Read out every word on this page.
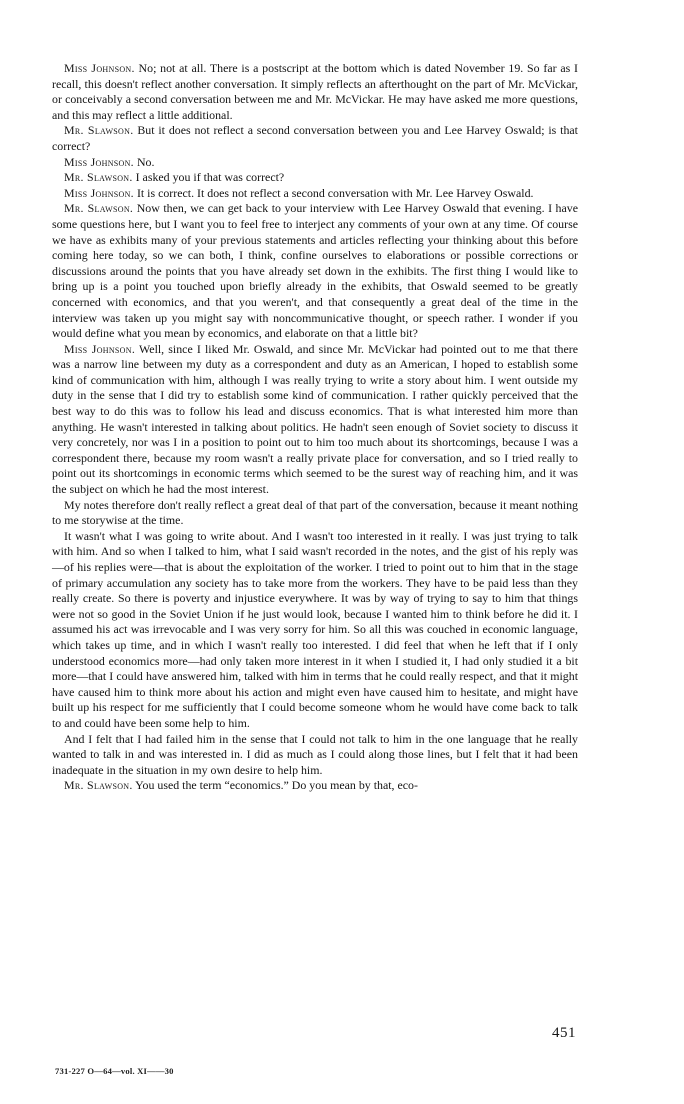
Miss Johnson. No; not at all. There is a postscript at the bottom which is dated November 19. So far as I recall, this doesn't reflect another conversation. It simply reflects an afterthought on the part of Mr. McVickar, or conceivably a second conversation between me and Mr. McVickar. He may have asked me more questions, and this may reflect a little additional.

Mr. Slawson. But it does not reflect a second conversation between you and Lee Harvey Oswald; is that correct?

Miss Johnson. No.

Mr. Slawson. I asked you if that was correct?

Miss Johnson. It is correct. It does not reflect a second conversation with Mr. Lee Harvey Oswald.

Mr. Slawson. Now then, we can get back to your interview with Lee Harvey Oswald that evening. I have some questions here, but I want you to feel free to interject any comments of your own at any time. Of course we have as exhibits many of your previous statements and articles reflecting your thinking about this before coming here today, so we can both, I think, confine ourselves to elaborations or possible corrections or discussions around the points that you have already set down in the exhibits. The first thing I would like to bring up is a point you touched upon briefly already in the exhibits, that Oswald seemed to be greatly concerned with economics, and that you weren't, and that consequently a great deal of the time in the interview was taken up you might say with noncommunicative thought, or speech rather. I wonder if you would define what you mean by economics, and elaborate on that a little bit?

Miss Johnson. Well, since I liked Mr. Oswald, and since Mr. McVickar had pointed out to me that there was a narrow line between my duty as a correspondent and duty as an American, I hoped to establish some kind of communication with him, although I was really trying to write a story about him. I went outside my duty in the sense that I did try to establish some kind of communication. I rather quickly perceived that the best way to do this was to follow his lead and discuss economics. That is what interested him more than anything. He wasn't interested in talking about politics. He hadn't seen enough of Soviet society to discuss it very concretely, nor was I in a position to point out to him too much about its shortcomings, because I was a correspondent there, because my room wasn't a really private place for conversation, and so I tried really to point out its shortcomings in economic terms which seemed to be the surest way of reaching him, and it was the subject on which he had the most interest.

My notes therefore don't really reflect a great deal of that part of the conversation, because it meant nothing to me storywise at the time.

It wasn't what I was going to write about. And I wasn't too interested in it really. I was just trying to talk with him. And so when I talked to him, what I said wasn't recorded in the notes, and the gist of his reply was—of his replies were—that is about the exploitation of the worker. I tried to point out to him that in the stage of primary accumulation any society has to take more from the workers. They have to be paid less than they really create. So there is poverty and injustice everywhere. It was by way of trying to say to him that things were not so good in the Soviet Union if he just would look, because I wanted him to think before he did it. I assumed his act was irrevocable and I was very sorry for him. So all this was couched in economic language, which takes up time, and in which I wasn't really too interested. I did feel that when he left that if I only understood economics more—had only taken more interest in it when I studied it, I had only studied it a bit more—that I could have answered him, talked with him in terms that he could really respect, and that it might have caused him to think more about his action and might even have caused him to hesitate, and might have built up his respect for me sufficiently that I could become someone whom he would have come back to talk to and could have been some help to him.

And I felt that I had failed him in the sense that I could not talk to him in the one language that he really wanted to talk in and was interested in. I did as much as I could along those lines, but I felt that it had been inadequate in the situation in my own desire to help him.

Mr. Slawson. You used the term “economics.” Do you mean by that, eco-

451
731-227 O—64—vol. XI——30
